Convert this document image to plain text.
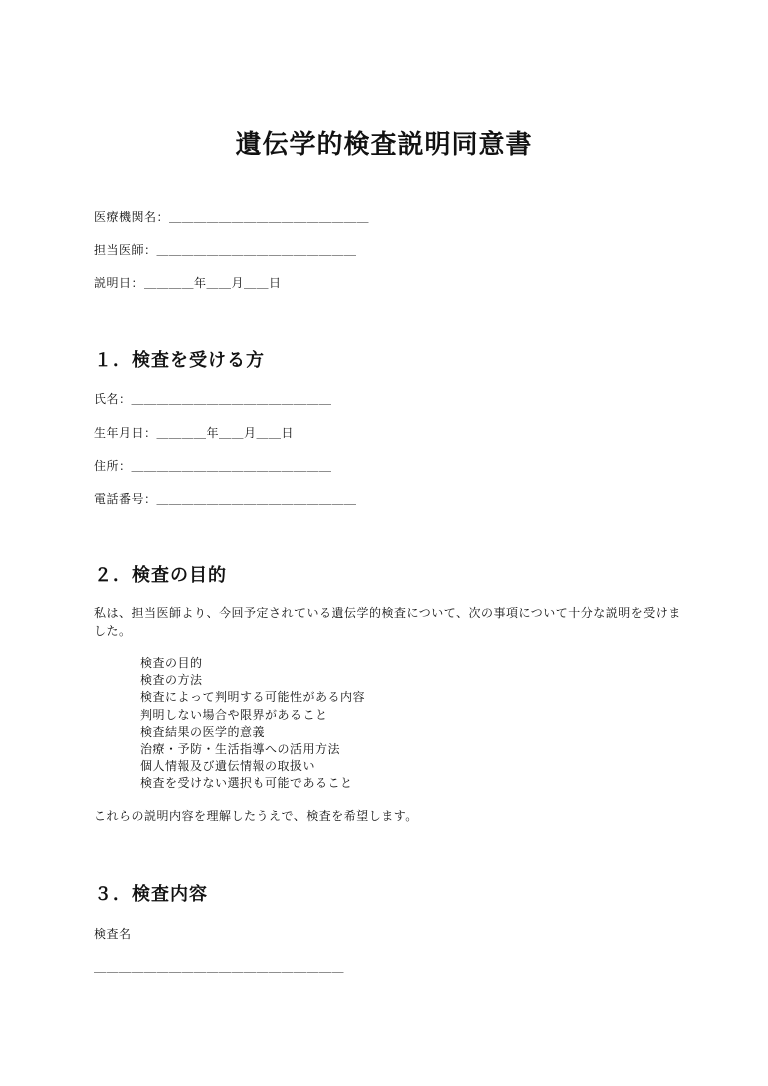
遺伝学的検査説明同意書

医療機関名：＿＿＿＿＿＿＿＿＿＿＿＿＿＿＿＿

担当医師：＿＿＿＿＿＿＿＿＿＿＿＿＿＿＿＿

説明日：＿＿＿＿年＿＿月＿＿日

１．検査を受ける方

氏名：＿＿＿＿＿＿＿＿＿＿＿＿＿＿＿＿

生年月日：＿＿＿＿年＿＿月＿＿日

住所：＿＿＿＿＿＿＿＿＿＿＿＿＿＿＿＿

電話番号：＿＿＿＿＿＿＿＿＿＿＿＿＿＿＿＿

２．検査の目的

私は、担当医師より、今回予定されている遺伝学的検査について、次の事項について十分な説明を受けました。

検査の目的
検査の方法
検査によって判明する可能性がある内容
判明しない場合や限界があること
検査結果の医学的意義
治療・予防・生活指導への活用方法
個人情報及び遺伝情報の取扱い
検査を受けない選択も可能であること

これらの説明内容を理解したうえで、検査を希望します。

３．検査内容

検査名

＿＿＿＿＿＿＿＿＿＿＿＿＿＿＿＿＿＿＿＿
